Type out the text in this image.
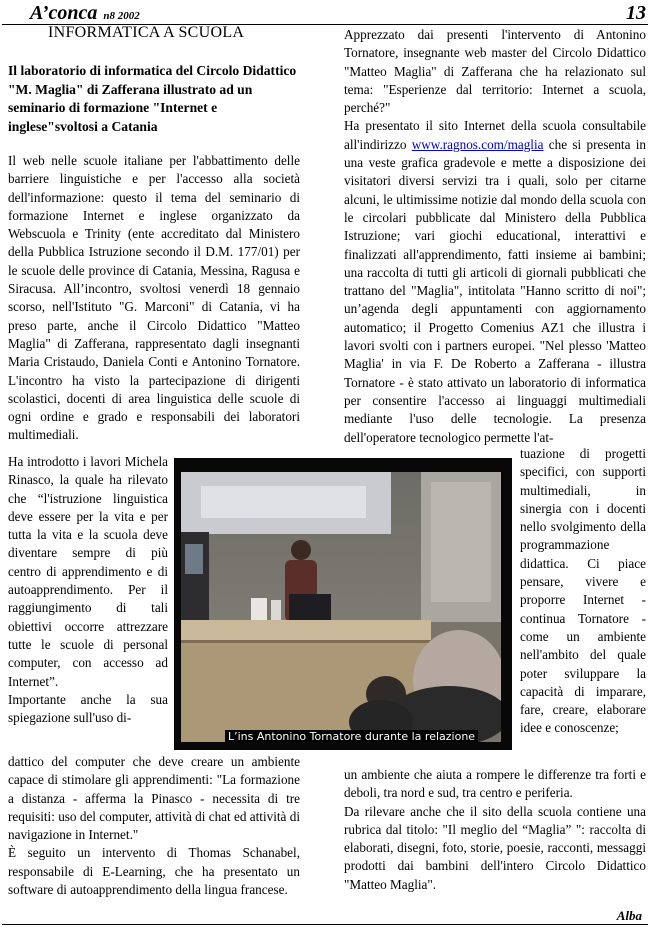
A’conca n8 2002	13
INFORMATICA A SCUOLA
Il laboratorio di informatica del Circolo Didattico "M. Maglia" di Zafferana illustrato ad un seminario di formazione "Internet e inglese"svoltosi a Catania

Il web nelle scuole italiane per l'abbattimento delle barriere linguistiche e per l'accesso alla società dell'informazione: questo il tema del seminario di formazione Internet e inglese organizzato da Webscuola e Trinity (ente accreditato dal Ministero della Pubblica Istruzione secondo il D.M. 177/01) per le scuole delle province di Catania, Messina, Ragusa e Siracusa. All’incontro, svoltosi venerdì 18 gennaio scorso, nell'Istituto "G. Marconi" di Catania, vi ha preso parte, anche il Circolo Didattico "Matteo Maglia" di Zafferana, rappresentato dagli insegnanti Maria Cristaudo, Daniela Conti e Antonino Tornatore. L'incontro ha visto la partecipazione di dirigenti scolastici, docenti di area linguistica delle scuole di ogni ordine e grado e responsabili dei laboratori multimediali.

Ha introdotto i lavori Michela Rinasco, la quale ha rilevato che “l'istruzione linguistica deve essere per la vita e per tutta la vita e la scuola deve diventare sempre di più centro di apprendimento e di autoapprendimento. Per il raggiungimento di tali obiettivi occorre attrezzare tutte le scuole di personal computer, con accesso ad Internet”.

Importante anche la sua spiegazione sull'uso di-

dattico del computer che deve creare un ambiente capace di stimolare gli apprendimenti: "La formazione a distanza - afferma la Pinasco - necessita di tre requisiti: uso del computer, attività di chat ed attività di navigazione in Internet."

È seguito un intervento di Thomas Schanabel, responsabile di E-Learning, che ha presentato un software di autoapprendimento della lingua francese.

Apprezzato dai presenti l'intervento di Antonino Tornatore, insegnante web master del Circolo Didattico "Matteo Maglia" di Zafferana che ha relazionato sul tema: "Esperienze dal territorio: Internet a scuola, perché?"

Ha presentato il sito Internet della scuola consultabile all'indirizzo www.ragnos.com/maglia che si presenta in una veste grafica gradevole e mette a disposizione dei visitatori diversi servizi tra i quali, solo per citarne alcuni, le ultimissime notizie dal mondo della scuola con le circolari pubblicate dal Ministero della Pubblica Istruzione; vari giochi educational, interattivi e finalizzati all'apprendimento, fatti insieme ai bambini; una raccolta di tutti gli articoli di giornali pubblicati che trattano del "Maglia", intitolata "Hanno scritto di noi"; un’agenda degli appuntamenti con aggiornamento automatico; il Progetto Comenius AZ1 che illustra i lavori svolti con i partners europei. "Nel plesso 'Matteo Maglia' in via F. De Roberto a Zafferana - illustra Tornatore - è stato attivato un laboratorio di informatica per consentire l'accesso ai linguaggi multimediali mediante l'uso delle tecnologie. La presenza dell'operatore tecnologico permette l'at-

tuazione di progetti specifici, con supporti multimediali, in sinergia con i docenti nello svolgimento della programmazione didattica. Ci piace pensare, vivere e proporre Internet - continua Tornatore - come un ambiente nell'ambito del quale poter sviluppare la capacità di imparare, fare, creare, elaborare idee e conoscenze;

un ambiente che aiuta a rompere le differenze tra forti e deboli, tra nord e sud, tra centro e periferia.

Da rilevare anche che il sito della scuola contiene una rubrica dal titolo: "Il meglio del “Maglia” ": raccolta di elaborati, disegni, foto, storie, poesie, racconti, messaggi prodotti dai bambini dell'intero Circolo Didattico "Matteo Maglia".

L’ins Antonino Tornatore durante la relazione
Alba
